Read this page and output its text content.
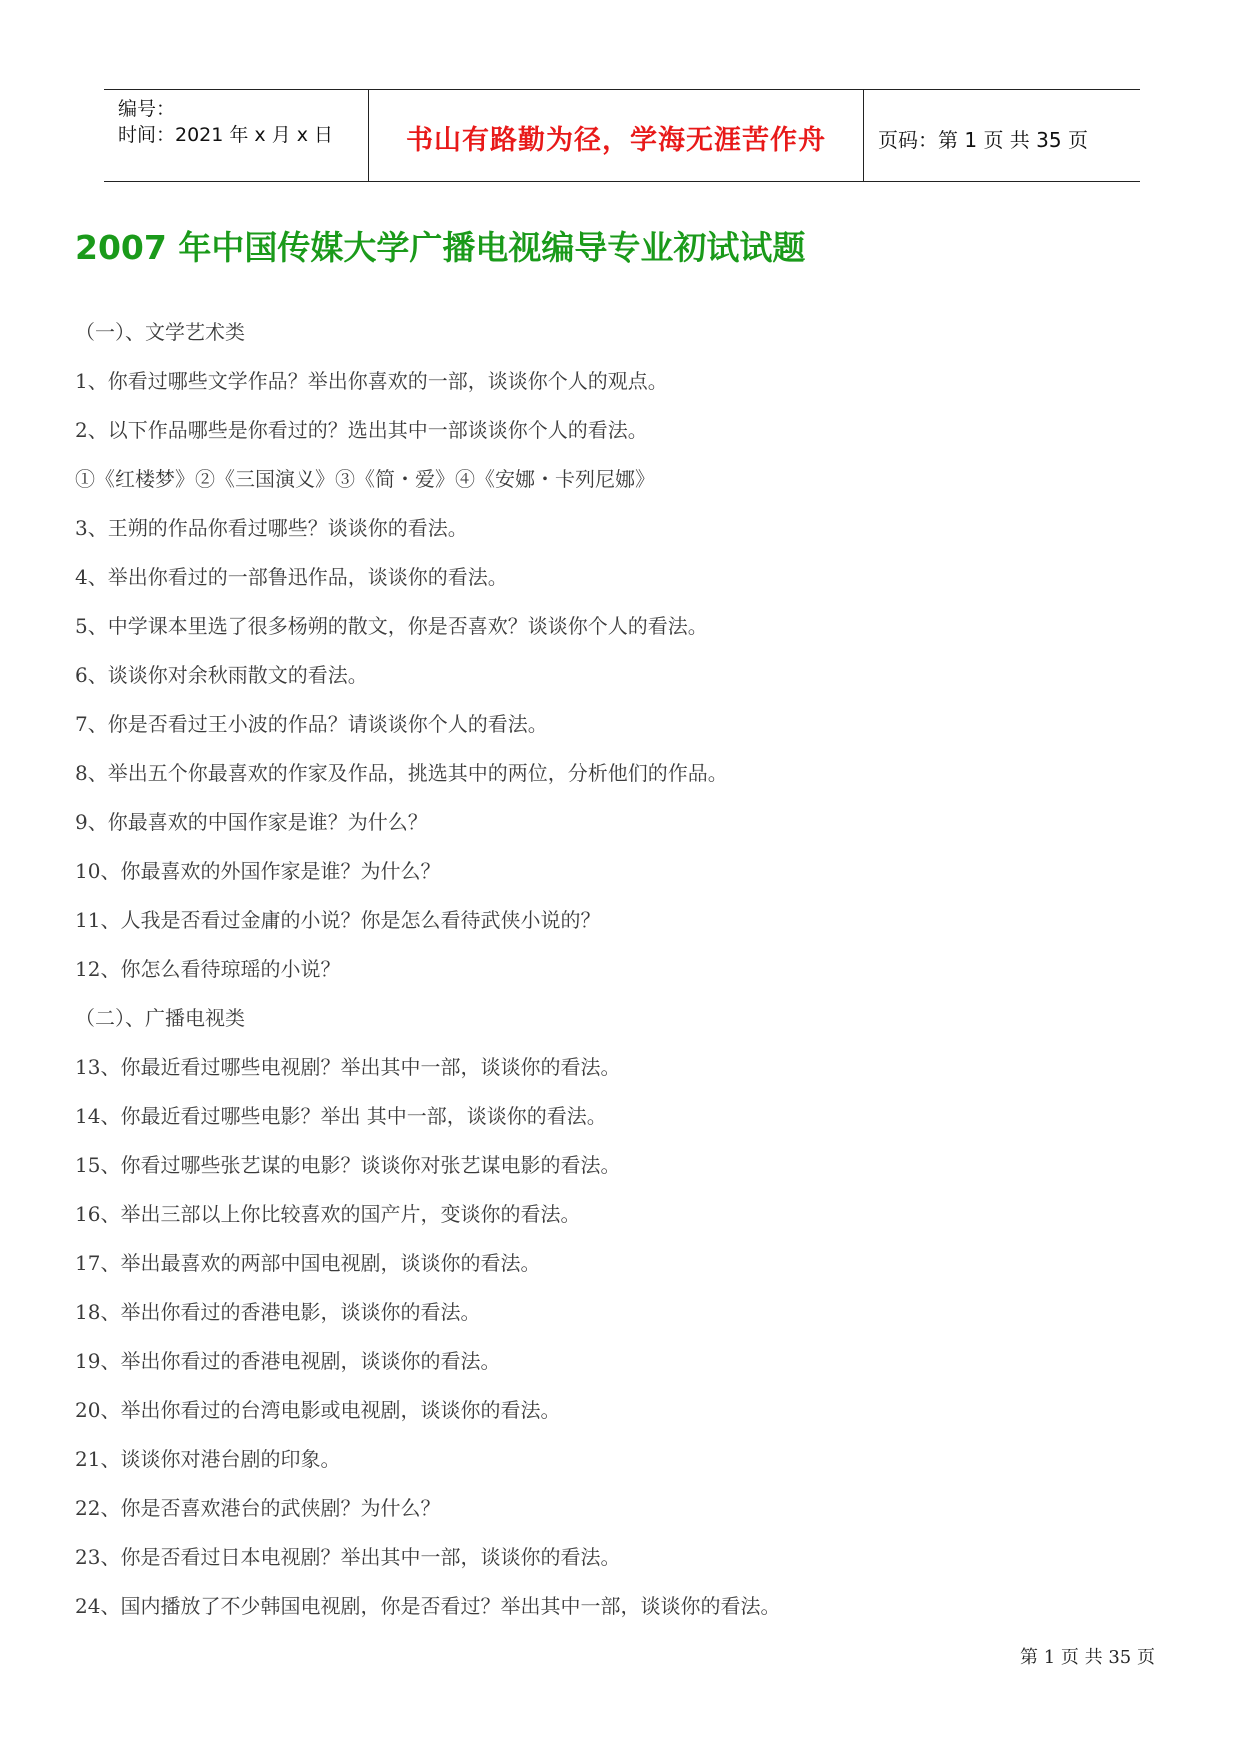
编号：
时间：2021 年 x 月 x 日	书山有路勤为径，学海无涯苦作舟	页码：第 1 页 共 35 页
2007 年中国传媒大学广播电视编导专业初试试题
（一）、文学艺术类
1、你看过哪些文学作品？举出你喜欢的一部，谈谈你个人的观点。
2、以下作品哪些是你看过的？选出其中一部谈谈你个人的看法。
①《红楼梦》②《三国演义》③《简・爱》④《安娜・卡列尼娜》
3、王朔的作品你看过哪些？谈谈你的看法。
4、举出你看过的一部鲁迅作品，谈谈你的看法。
5、中学课本里选了很多杨朔的散文，你是否喜欢？谈谈你个人的看法。
6、谈谈你对余秋雨散文的看法。
7、你是否看过王小波的作品？请谈谈你个人的看法。
8、举出五个你最喜欢的作家及作品，挑选其中的两位，分析他们的作品。
9、你最喜欢的中国作家是谁？为什么？
10、你最喜欢的外国作家是谁？为什么？
11、人我是否看过金庸的小说？你是怎么看待武侠小说的？
12、你怎么看待琼瑶的小说？
（二）、广播电视类
13、你最近看过哪些电视剧？举出其中一部，谈谈你的看法。
14、你最近看过哪些电影？举出 其中一部，谈谈你的看法。
15、你看过哪些张艺谋的电影？谈谈你对张艺谋电影的看法。
16、举出三部以上你比较喜欢的国产片，变谈你的看法。
17、举出最喜欢的两部中国电视剧，谈谈你的看法。
18、举出你看过的香港电影，谈谈你的看法。
19、举出你看过的香港电视剧，谈谈你的看法。
20、举出你看过的台湾电影或电视剧，谈谈你的看法。
21、谈谈你对港台剧的印象。
22、你是否喜欢港台的武侠剧？为什么？
23、你是否看过日本电视剧？举出其中一部，谈谈你的看法。
24、国内播放了不少韩国电视剧，你是否看过？举出其中一部，谈谈你的看法。
第 1 页 共 35 页
